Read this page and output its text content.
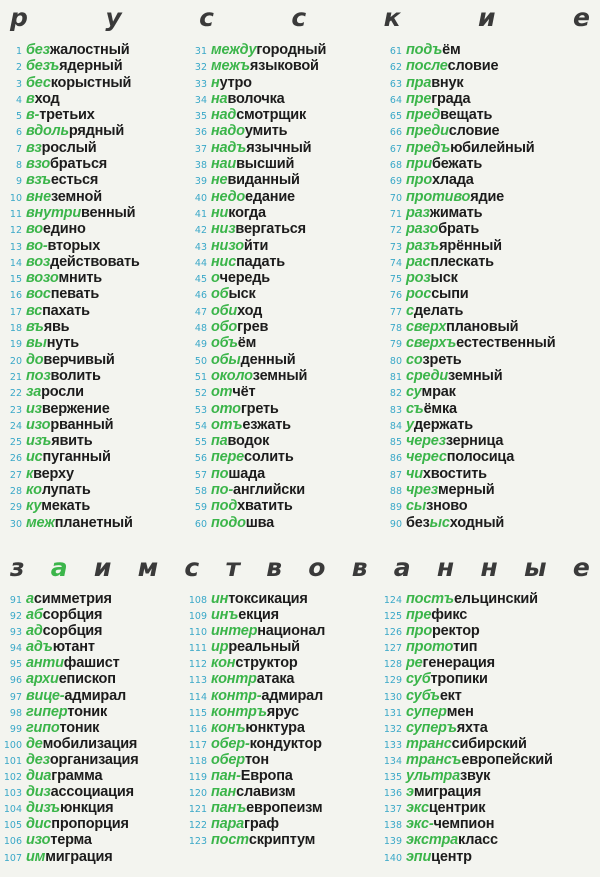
р	у	с	с	к	и	е
1 безжалостный
2 безъядерный
3 бескорыстный
4 вход
5 в-третьих
6 вдольрядный
7 взрослый
8 взобраться
9 взъесться
10 внеземной
11 внутривенный
12 воедино
13 во-вторых
14 воздействовать
15 возомнить
16 воспевать
17 вспахать
18 въявь
19 вынуть
20 доверчивый
21 позволить
22 заросли
23 извержение
24 изорванный
25 изъявить
26 испуганный
27 кверху
28 колупать
29 кумекать
30 межпланетный
31 междугородный
32 межъязыковой
33 нутро
34 наволочка
35 надсмотрщик
36 надоумить
37 надъязычный
38 наивысший
39 невиданный
40 недоедание
41 никогда
42 низвергаться
43 низойти
44 ниспадать
45 очерeдь
46 обыск
47 обиход
48 обогрев
49 объём
50 обыденный
51 околоземный
52 отчёт
53 отогреть
54 отъезжать
55 паводок
56 пересолить
57 пошада
58 по-английски
59 подхватить
60 подошва
61 подъём
62 послесловие
63 правнук
64 преграда
65 предвещать
66 предисловие
67 предъюбилейный
68 прибежать
69 прохлада
70 противоядие
71 разжимать
72 разобрать
73 разъярённый
74 расплескать
75 розыск
76 россыпи
77 сделать
78 сверхплановый
79 сверхъестественный
80 созреть
81 средиземный
82 сумрак
83 съёмка
84 удержать
85 череззерница
86 чересполосица
87 чихвостить
88 чрезмерный
89 сызново
90 безысходный
з а и м с т в о в а н н ы е
91 асимметрия
92 абсорбция
93 адсорбция
94 адъютант
95 антифашист
96 архиепископ
97 вице-адмирал
98 гипертоник
99 гипотоник
100 демобилизация
101 дезорганизация
102 диаграмма
103 дизассоциация
104 дизъюнкция
105 диспропорция
106 изотерма
107 иммиграция
108 интоксикация
109 инъекция
110 интернационал
111 ирреальный
112 конструктор
113 контратака
114 контр-адмирал
115 контръярус
116 конъюнктура
117 обер-кондуктор
118 обертон
119 пан-Европа
120 панславизм
121 панъевропеизм
122 параграф
123 постскриптум
124 постъельцинский
125 префикс
126 проректор
127 прототип
128 регенерация
129 субтропики
130 субъект
131 супермен
132 суперъяхта
133 транссибирский
134 трансъевропейский
135 ультразвук
136 эмиграция
137 эксцентрик
138 экс-чемпион
139 экстракласс
140 эпицентр
